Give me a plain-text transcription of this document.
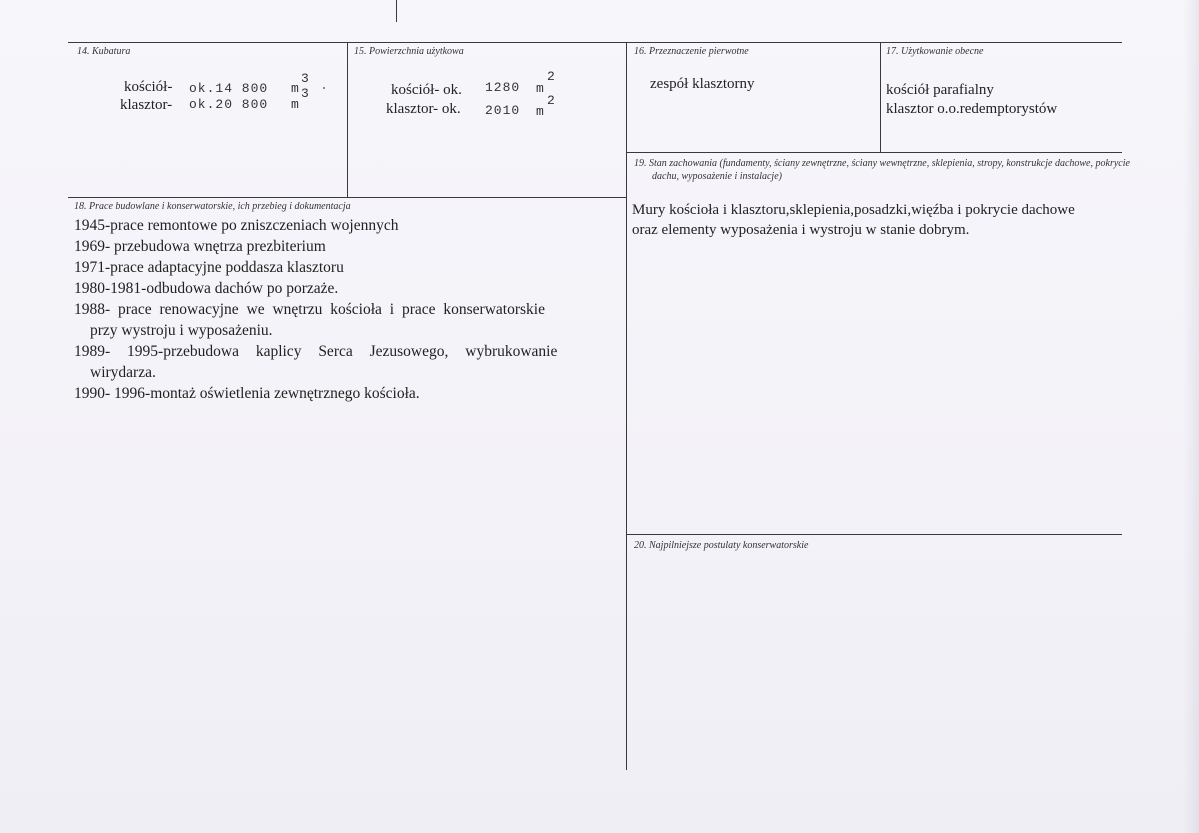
14. Kubatura
kościół- ok.14 800 m
3
klasztor- ok.20 800 m
3
15. Powierzchnia użytkowa
kościół- ok. 1280 m
2
klasztor- ok. 2010 m
2
16. Przeznaczenie pierwotne
zespół klasztorny
17. Użytkowanie obecne
kościół parafialny
klasztor o.o.redemptorystów
19. Stan zachowania (fundamenty, ściany zewnętrzne, ściany wewnętrzne, sklepienia, stropy, konstrukcje dachowe, pokrycie dachu, wyposażenie i instalacje)
Mury kościoła i klasztoru,sklepienia,posadzki,więźba i pokrycie dachowe oraz elementy wyposażenia i wystroju w stanie dobrym.
18. Prace budowlane i konserwatorskie, ich przebieg i dokumentacja
1945-prace remontowe po zniszczeniach wojennych
1969- przebudowa wnętrza prezbiterium
1971-prace adaptacyjne poddasza klasztoru
1980-1981-odbudowa dachów po porzażе.
1988- prace renowacyjne we wnętrzu kościoła i prace konserwatorskie
przy wystroju i wyposażeniu.
1989- 1995-przebudowa kaplicy Serca Jezusowego, wybrukowanie
wirydarza.
1990- 1996-montaż oświetlenia zewnętrznego kościoła.
20. Najpilniejsze postulaty konserwatorskie
